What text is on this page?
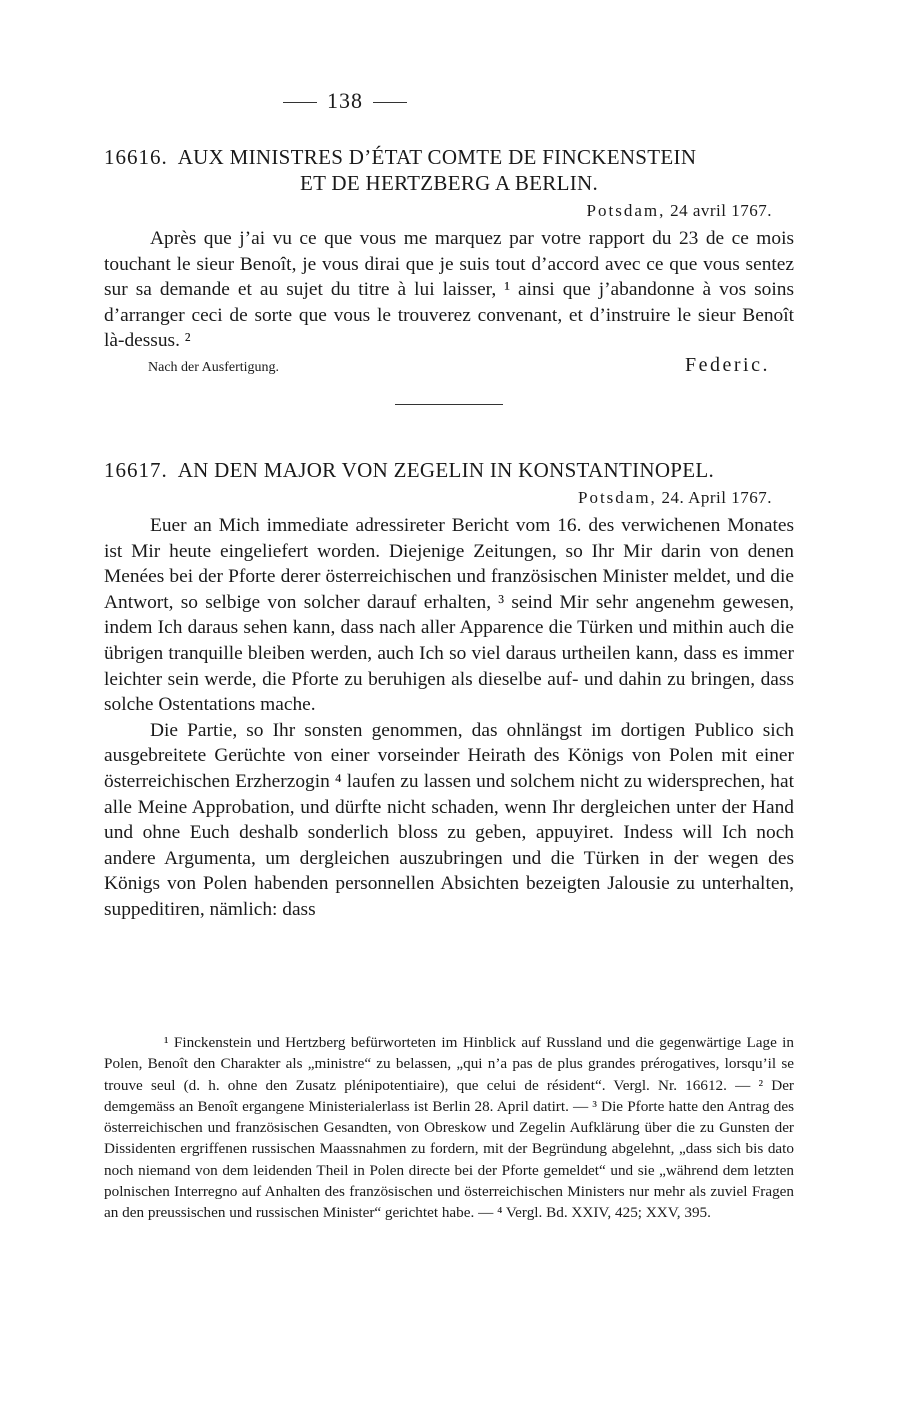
138
16616. AUX MINISTRES D’ÉTAT COMTE DE FINCKENSTEIN
ET DE HERTZBERG A BERLIN.
Potsdam, 24 avril 1767.

Après que j’ai vu ce que vous me marquez par votre rapport du 23 de ce mois touchant le sieur Benoît, je vous dirai que je suis tout d’accord avec ce que vous sentez sur sa demande et au sujet du titre à lui laisser, ¹ ainsi que j’abandonne à vos soins d’arranger ceci de sorte que vous le trouverez convenant, et d’instruire le sieur Benoît là-dessus. ²

Nach der Ausfertigung.	Federic.
16617. AN DEN MAJOR VON ZEGELIN IN KONSTANTINOPEL.
Potsdam, 24. April 1767.

Euer an Mich immediate adressireter Bericht vom 16. des verwichenen Monates ist Mir heute eingeliefert worden. Diejenige Zeitungen, so Ihr Mir darin von denen Menées bei der Pforte derer österreichischen und französischen Minister meldet, und die Antwort, so selbige von solcher darauf erhalten, ³ seind Mir sehr angenehm gewesen, indem Ich daraus sehen kann, dass nach aller Apparence die Türken und mithin auch die übrigen tranquille bleiben werden, auch Ich so viel daraus urtheilen kann, dass es immer leichter sein werde, die Pforte zu beruhigen als dieselbe auf- und dahin zu bringen, dass solche Ostentations mache.

Die Partie, so Ihr sonsten genommen, das ohnlängst im dortigen Publico sich ausgebreitete Gerüchte von einer vorseinder Heirath des Königs von Polen mit einer österreichischen Erzherzogin ⁴ laufen zu lassen und solchem nicht zu widersprechen, hat alle Meine Approbation, und dürfte nicht schaden, wenn Ihr dergleichen unter der Hand und ohne Euch deshalb sonderlich bloss zu geben, appuyiret. Indess will Ich noch andere Argumenta, um dergleichen auszubringen und die Türken in der wegen des Königs von Polen habenden personnellen Absichten bezeigten Jalousie zu unterhalten, suppeditiren, nämlich: dass

¹ Finckenstein und Hertzberg befürworteten im Hinblick auf Russland und die gegenwärtige Lage in Polen, Benoît den Charakter als „ministre“ zu belassen, „qui n’a pas de plus grandes prérogatives, lorsqu’il se trouve seul (d. h. ohne den Zusatz plénipotentiaire), que celui de résident“. Vergl. Nr. 16612. — ² Der demgemäss an Benoît ergangene Ministerialerlass ist Berlin 28. April datirt. — ³ Die Pforte hatte den Antrag des österreichischen und französischen Gesandten, von Obreskow und Zegelin Aufklärung über die zu Gunsten der Dissidenten ergriffenen russischen Maassnahmen zu fordern, mit der Begründung abgelehnt, „dass sich bis dato noch niemand von dem leidenden Theil in Polen directe bei der Pforte gemeldet“ und sie „während dem letzten polnischen Interregno auf Anhalten des französischen und österreichischen Ministers nur mehr als zuviel Fragen an den preussischen und russischen Minister“ gerichtet habe. — ⁴ Vergl. Bd. XXIV, 425; XXV, 395.
